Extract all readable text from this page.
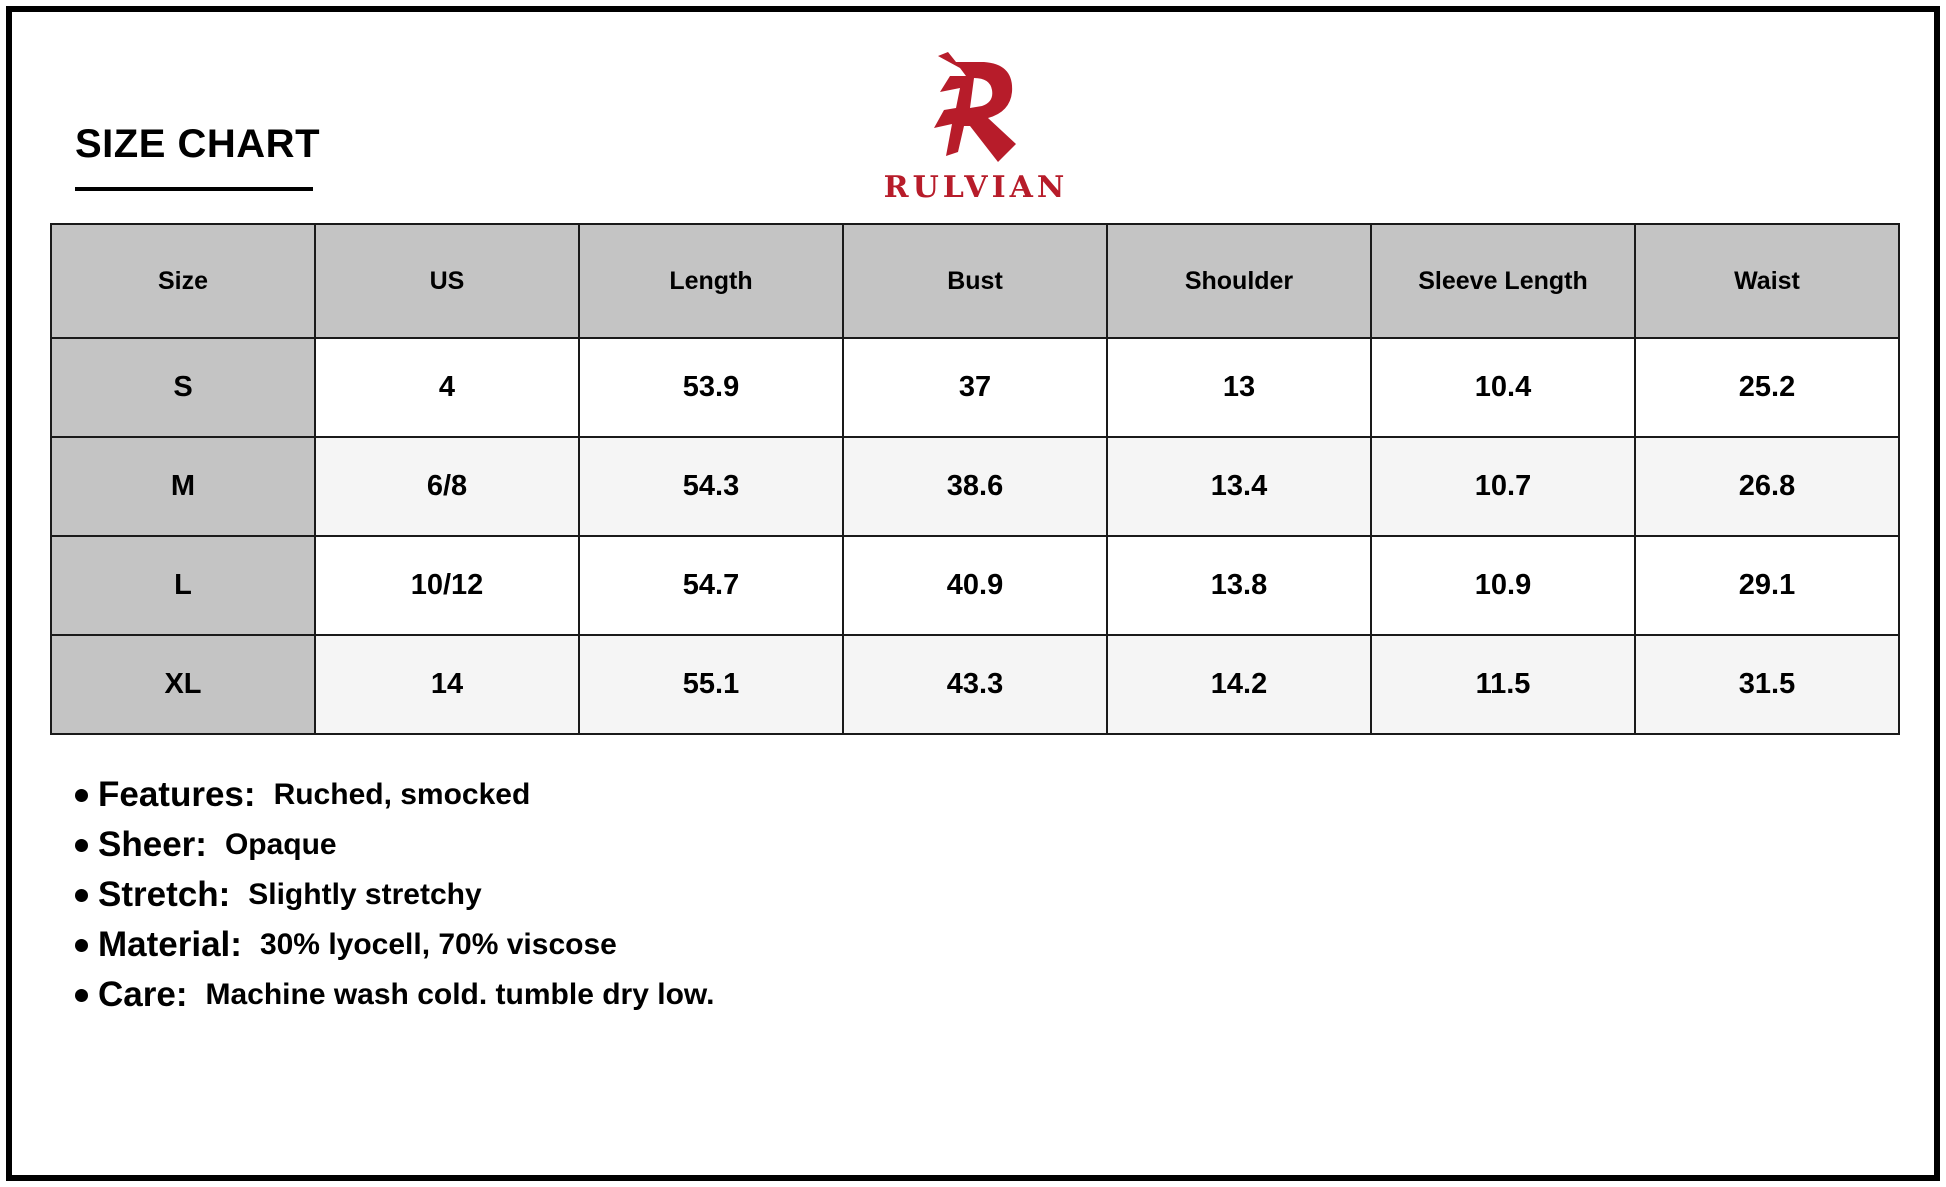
SIZE CHART
RULVIAN
Size	US	Length	Bust	Shoulder	Sleeve Length	Waist
S	4	53.9	37	13	10.4	25.2
M	6/8	54.3	38.6	13.4	10.7	26.8
L	10/12	54.7	40.9	13.8	10.9	29.1
XL	14	55.1	43.3	14.2	11.5	31.5
Features: Ruched, smocked
Sheer: Opaque
Stretch: Slightly stretchy
Material: 30% lyocell, 70% viscose
Care: Machine wash cold. tumble dry low.
